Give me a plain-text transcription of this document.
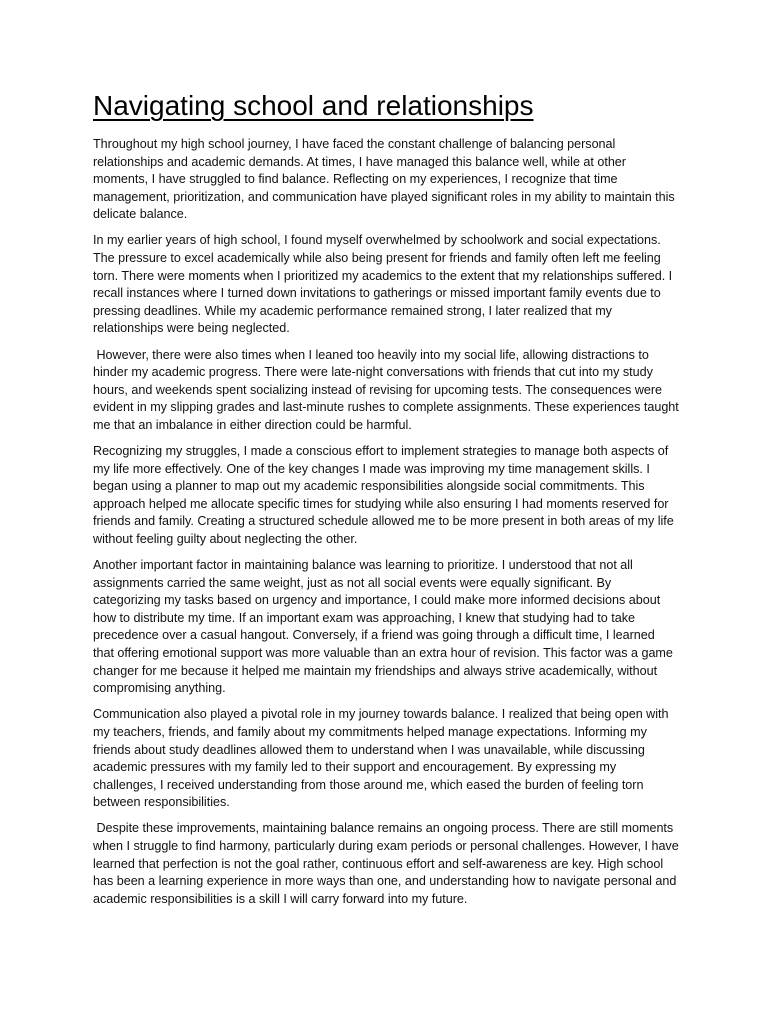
Navigating school and relationships

Throughout my high school journey, I have faced the constant challenge of balancing personal relationships and academic demands. At times, I have managed this balance well, while at other moments, I have struggled to find balance. Reflecting on my experiences, I recognize that time management, prioritization, and communication have played significant roles in my ability to maintain this delicate balance.

In my earlier years of high school, I found myself overwhelmed by schoolwork and social expectations. The pressure to excel academically while also being present for friends and family often left me feeling torn. There were moments when I prioritized my academics to the extent that my relationships suffered. I recall instances where I turned down invitations to gatherings or missed important family events due to pressing deadlines. While my academic performance remained strong, I later realized that my relationships were being neglected.

However, there were also times when I leaned too heavily into my social life, allowing distractions to hinder my academic progress. There were late-night conversations with friends that cut into my study hours, and weekends spent socializing instead of revising for upcoming tests. The consequences were evident in my slipping grades and last-minute rushes to complete assignments. These experiences taught me that an imbalance in either direction could be harmful.

Recognizing my struggles, I made a conscious effort to implement strategies to manage both aspects of my life more effectively. One of the key changes I made was improving my time management skills. I began using a planner to map out my academic responsibilities alongside social commitments. This approach helped me allocate specific times for studying while also ensuring I had moments reserved for friends and family. Creating a structured schedule allowed me to be more present in both areas of my life without feeling guilty about neglecting the other.

Another important factor in maintaining balance was learning to prioritize. I understood that not all assignments carried the same weight, just as not all social events were equally significant. By categorizing my tasks based on urgency and importance, I could make more informed decisions about how to distribute my time. If an important exam was approaching, I knew that studying had to take precedence over a casual hangout. Conversely, if a friend was going through a difficult time, I learned that offering emotional support was more valuable than an extra hour of revision. This factor was a game changer for me because it helped me maintain my friendships and always strive academically, without compromising anything.

Communication also played a pivotal role in my journey towards balance. I realized that being open with my teachers, friends, and family about my commitments helped manage expectations. Informing my friends about study deadlines allowed them to understand when I was unavailable, while discussing academic pressures with my family led to their support and encouragement. By expressing my challenges, I received understanding from those around me, which eased the burden of feeling torn between responsibilities.

Despite these improvements, maintaining balance remains an ongoing process. There are still moments when I struggle to find harmony, particularly during exam periods or personal challenges. However, I have learned that perfection is not the goal rather, continuous effort and self-awareness are key. High school has been a learning experience in more ways than one, and understanding how to navigate personal and academic responsibilities is a skill I will carry forward into my future.
